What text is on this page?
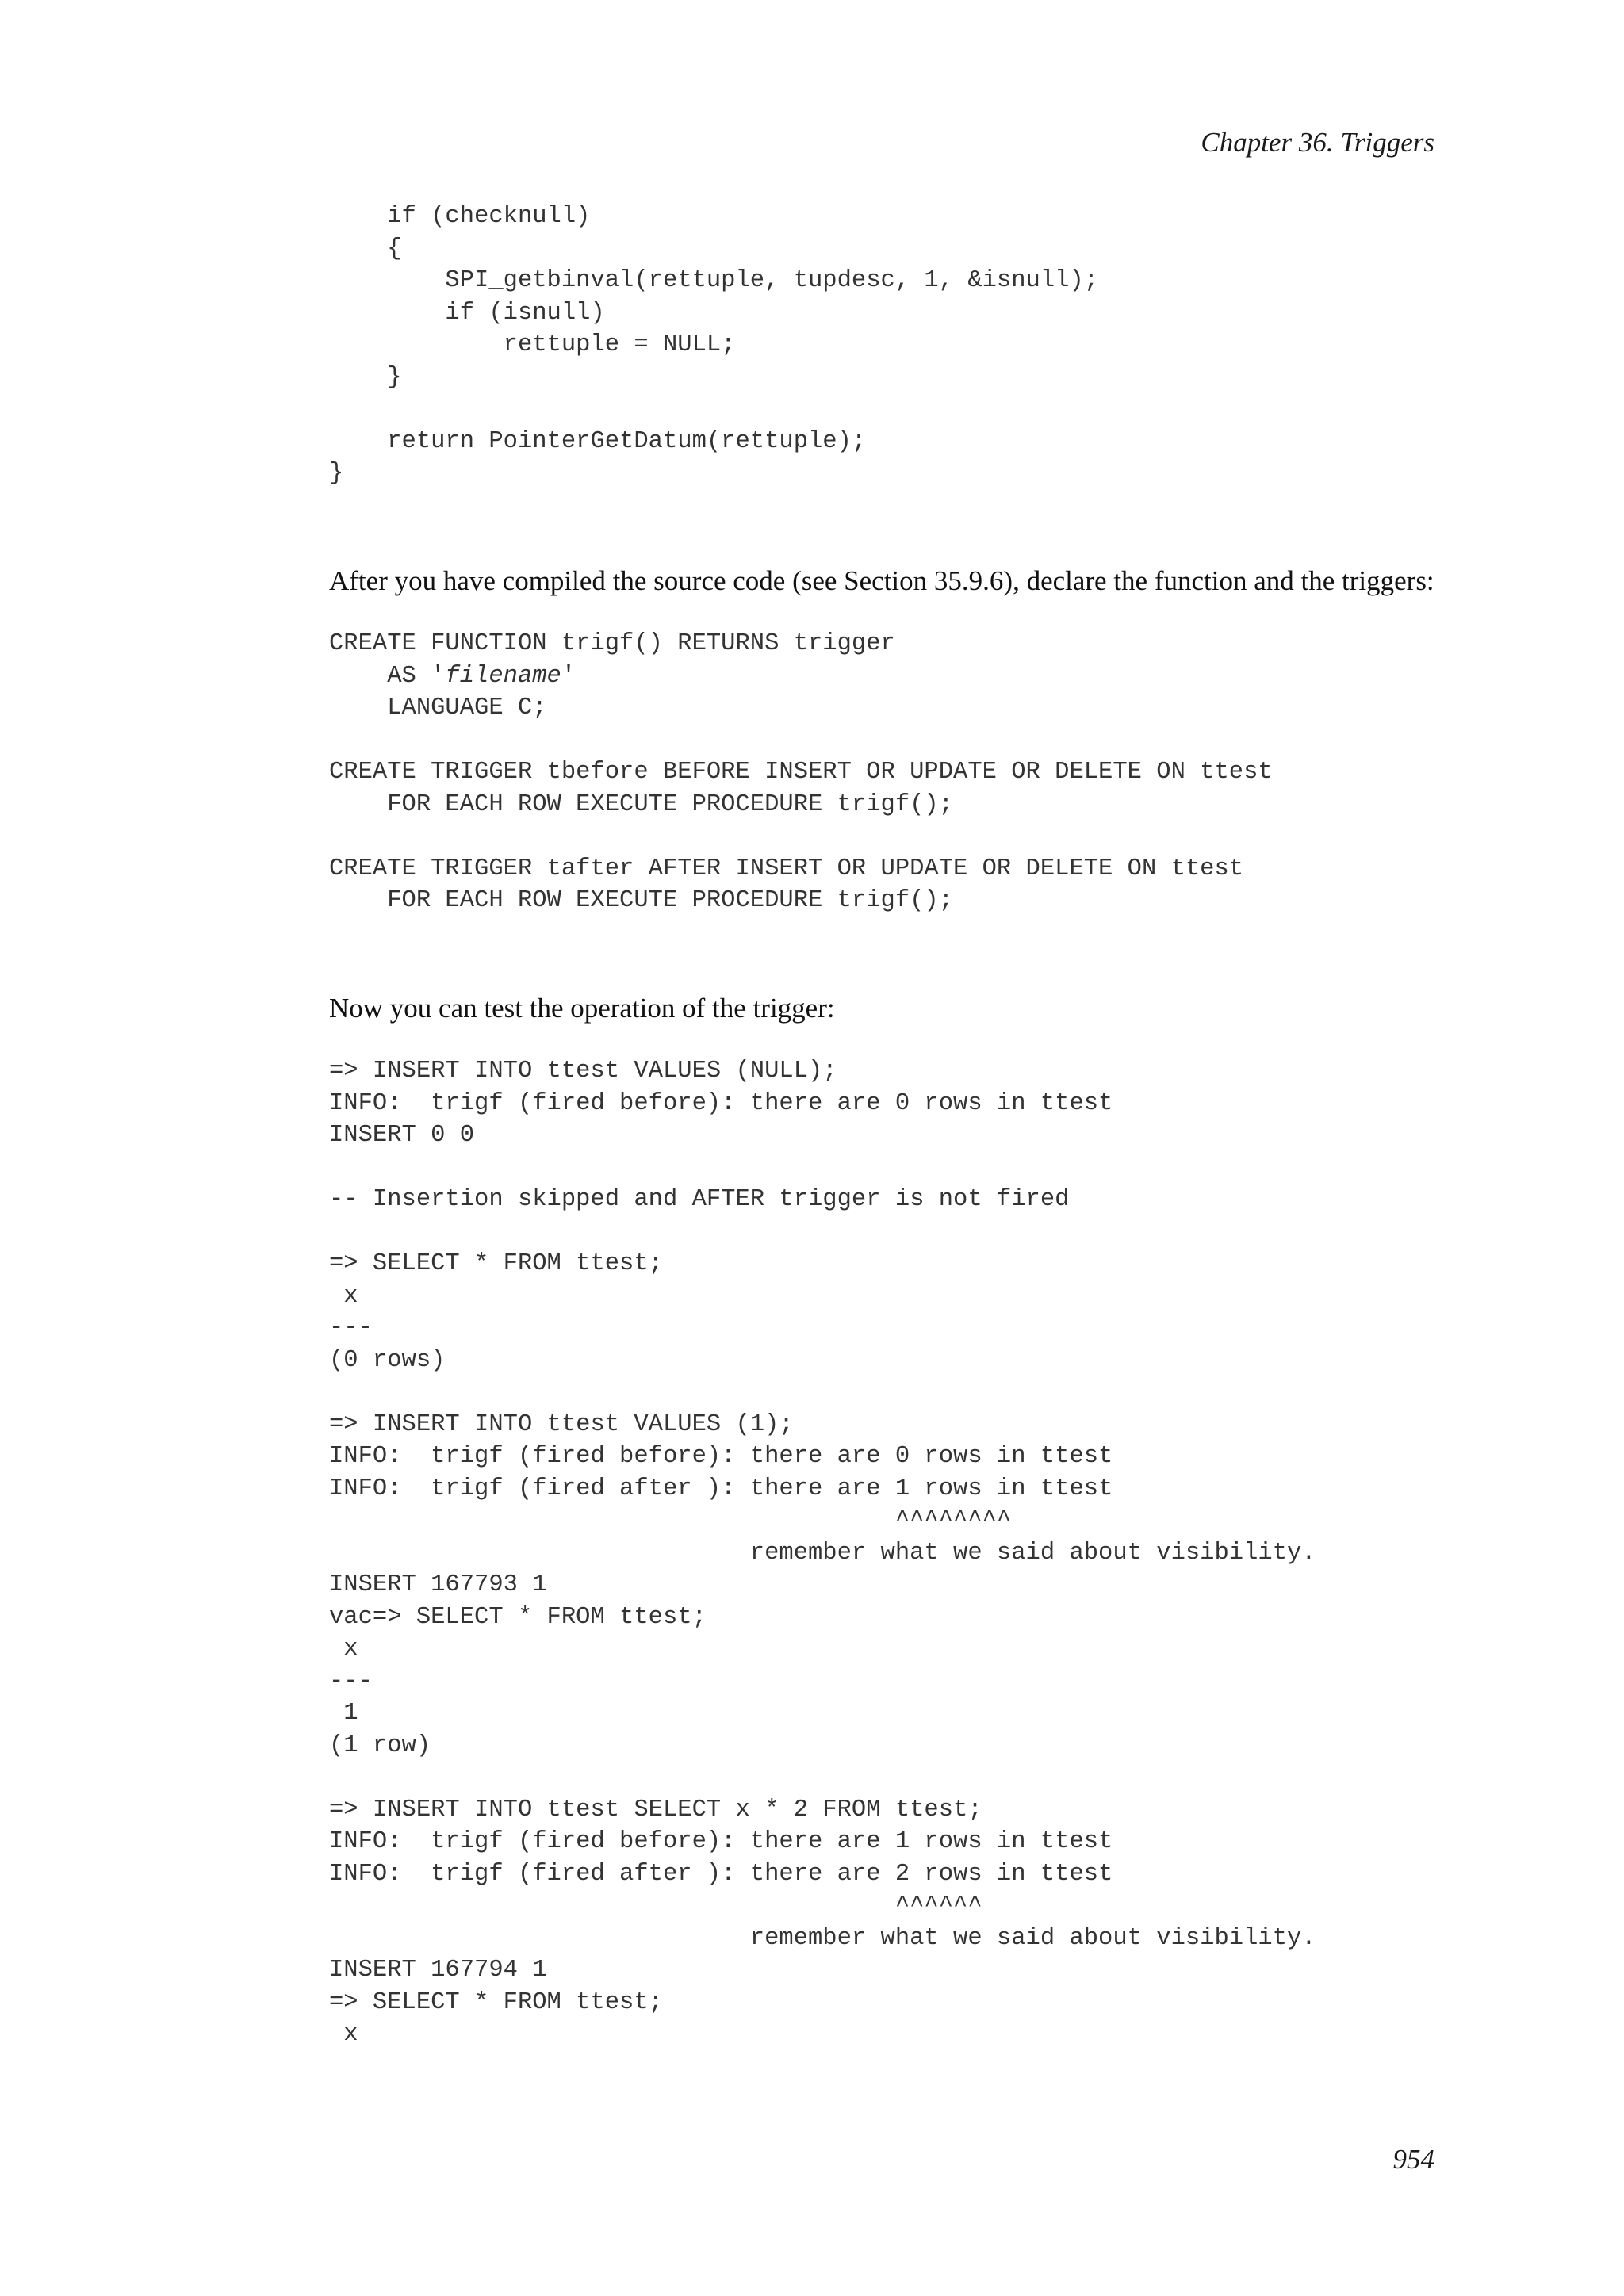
Chapter 36. Triggers
if (checknull)
{
SPI_getbinval(rettuple, tupdesc, 1, &isnull);
if (isnull)
rettuple = NULL;
}
return PointerGetDatum(rettuple);
}

After you have compiled the source code (see Section 35.9.6), declare the function and the triggers:

CREATE FUNCTION trigf() RETURNS trigger
AS 'filename'
LANGUAGE C;
CREATE TRIGGER tbefore BEFORE INSERT OR UPDATE OR DELETE ON ttest
FOR EACH ROW EXECUTE PROCEDURE trigf();
CREATE TRIGGER tafter AFTER INSERT OR UPDATE OR DELETE ON ttest
FOR EACH ROW EXECUTE PROCEDURE trigf();

Now you can test the operation of the trigger:

=> INSERT INTO ttest VALUES (NULL);
INFO:  trigf (fired before): there are 0 rows in ttest
INSERT 0 0
-- Insertion skipped and AFTER trigger is not fired
=> SELECT * FROM ttest;
x
---
(0 rows)
=> INSERT INTO ttest VALUES (1);
INFO:  trigf (fired before): there are 0 rows in ttest
INFO:  trigf (fired after ): there are 1 rows in ttest
^^^^^^^^
remember what we said about visibility.
INSERT 167793 1
vac=> SELECT * FROM ttest;
x
---
1
(1 row)
=> INSERT INTO ttest SELECT x * 2 FROM ttest;
INFO:  trigf (fired before): there are 1 rows in ttest
INFO:  trigf (fired after ): there are 2 rows in ttest
^^^^^^
remember what we said about visibility.
INSERT 167794 1
=> SELECT * FROM ttest;
x
954
